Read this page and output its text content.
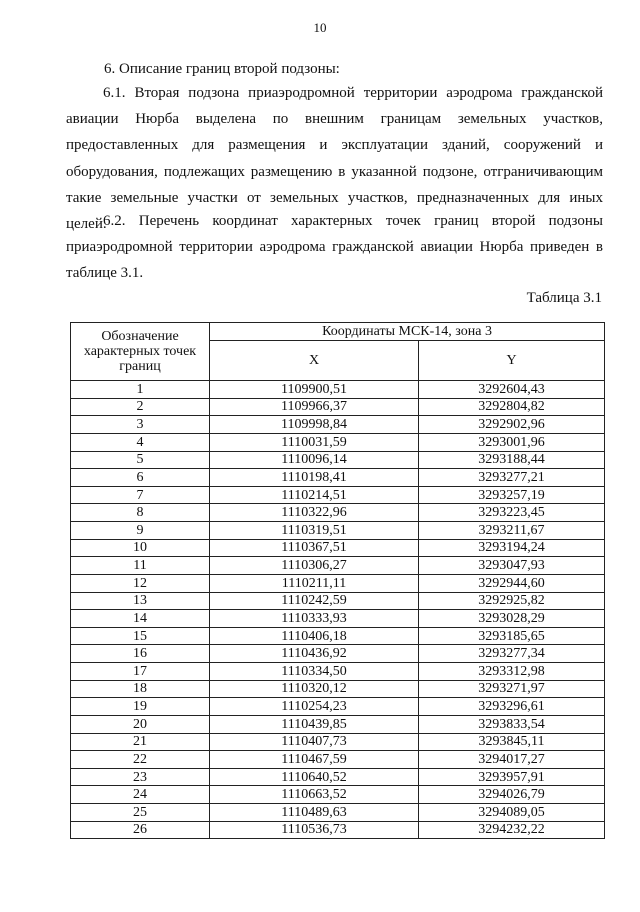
10
6. Описание границ второй подзоны:
6.1. Вторая подзона приаэродромной территории аэродрома гражданской авиации Нюрба выделена по внешним границам земельных участков, предоставленных для размещения и эксплуатации зданий, сооружений и оборудования, подлежащих размещению в указанной подзоне, отграничивающим такие земельные участки от земельных участков, предназначенных для иных целей.
6.2. Перечень координат характерных точек границ второй подзоны приаэродромной территории аэродрома гражданской авиации Нюрба приведен в таблице 3.1.
Таблица 3.1
Обозначение характерных точек границ	Координаты МСК-14, зона 3	
	X	Y
1	1109900,51	3292604,43
2	1109966,37	3292804,82
3	1109998,84	3292902,96
4	1110031,59	3293001,96
5	1110096,14	3293188,44
6	1110198,41	3293277,21
7	1110214,51	3293257,19
8	1110322,96	3293223,45
9	1110319,51	3293211,67
10	1110367,51	3293194,24
11	1110306,27	3293047,93
12	1110211,11	3292944,60
13	1110242,59	3292925,82
14	1110333,93	3293028,29
15	1110406,18	3293185,65
16	1110436,92	3293277,34
17	1110334,50	3293312,98
18	1110320,12	3293271,97
19	1110254,23	3293296,61
20	1110439,85	3293833,54
21	1110407,73	3293845,11
22	1110467,59	3294017,27
23	1110640,52	3293957,91
24	1110663,52	3294026,79
25	1110489,63	3294089,05
26	1110536,73	3294232,22
